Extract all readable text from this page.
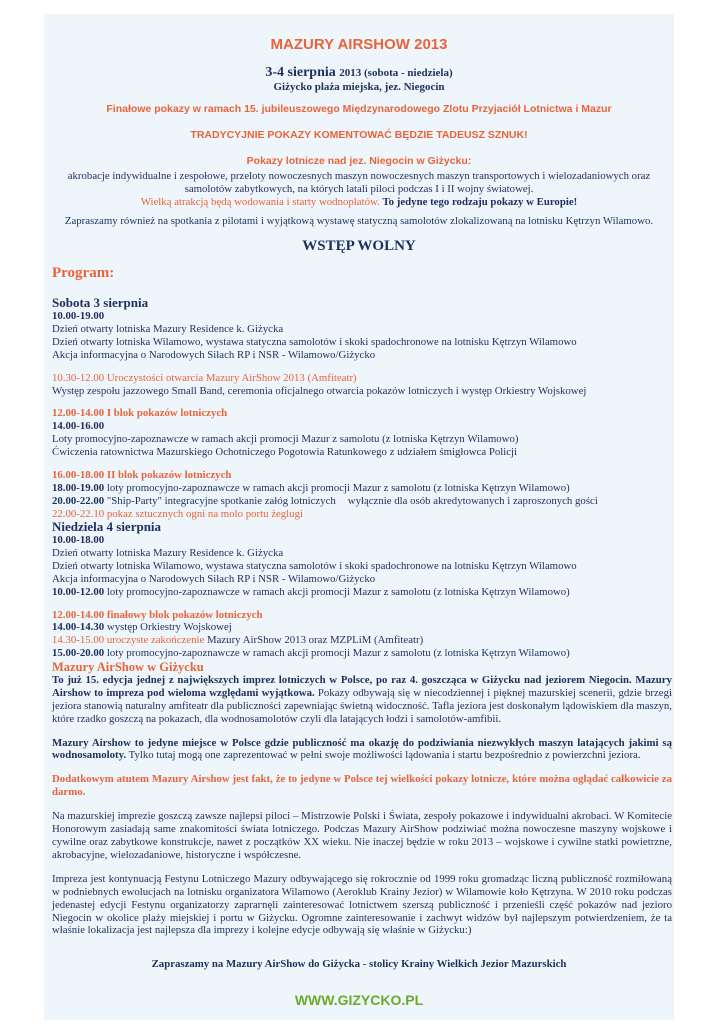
MAZURY AIRSHOW 2013

3-4 sierpnia 2013 (sobota - niedziela)

Giżycko plaża miejska, jez. Niegocin

Finałowe pokazy w ramach 15. jubileuszowego Międzynarodowego Zlotu Przyjaciół Lotnictwa i Mazur

TRADYCYJNIE POKAZY KOMENTOWAĆ BĘDZIE TADEUSZ SZNUK!

Pokazy lotnicze nad jez. Niegocin w Giżycku:

akrobacje indywidualne i zespołowe, przeloty nowoczesnych maszyn nowoczesnych maszyn transportowych i wielozadaniowych oraz

samolotów zabytkowych, na których latali piloci podczas I i II wojny światowej.

Wielką atrakcją będą wodowania i starty wodnopłatów. To jedyne tego rodzaju pokazy w Europie!

Zapraszamy również na spotkania z pilotami i wyjątkową wystawę statyczną samolotów zlokalizowaną na lotnisku Kętrzyn Wilamowo.

WSTĘP WOLNY

Program:

Sobota 3 sierpnia

10.00-19.00

Dzień otwarty lotniska Mazury Residence k. Giżycka

Dzień otwarty lotniska Wilamowo, wystawa statyczna samolotów i skoki spadochronowe na lotnisku Kętrzyn Wilamowo

Akcja informacyjna o Narodowych Siłach RP i NSR - Wilamowo/Giżycko

10.30-12.00 Uroczystości otwarcia Mazury AirShow 2013 (Amfiteatr)

Występ zespołu jazzowego Small Band, ceremonia oficjalnego otwarcia pokazów lotniczych i występ Orkiestry Wojskowej

12.00-14.00 I blok pokazów lotniczych

14.00-16.00

Loty promocyjno-zapoznawcze w ramach akcji promocji Mazur z samolotu (z lotniska Kętrzyn Wilamowo)

Ćwiczenia ratownictwa Mazurskiego Ochotniczego Pogotowia Ratunkowego z udziałem śmigłowca Policji

16.00-18.00 II blok pokazów lotniczych

18.00-19.00 loty promocyjno-zapoznawcze w ramach akcji promocji Mazur z samolotu (z lotniska Kętrzyn Wilamowo)

20.00-22.00 "Ship-Party" integracyjne spotkanie załóg lotniczych wyłącznie dla osób akredytowanych i zaproszonych gości

22.00-22.10 pokaz sztucznych ogni na molo portu żeglugi

Niedziela 4 sierpnia

10.00-18.00

Dzień otwarty lotniska Mazury Residence k. Giżycka

Dzień otwarty lotniska Wilamowo, wystawa statyczna samolotów i skoki spadochronowe na lotnisku Kętrzyn Wilamowo

Akcja informacyjna o Narodowych Siłach RP i NSR - Wilamowo/Giżycko

10.00-12.00 loty promocyjno-zapoznawcze w ramach akcji promocji Mazur z samolotu (z lotniska Kętrzyn Wilamowo)

12.00-14.00 finałowy blok pokazów lotniczych

14.00-14.30 występ Orkiestry Wojskowej

14.30-15.00 uroczyste zakończenie Mazury AirShow 2013 oraz MZPLiM (Amfiteatr)

15.00-20.00 loty promocyjno-zapoznawcze w ramach akcji promocji Mazur z samolotu (z lotniska Kętrzyn Wilamowo)

Mazury AirShow w Giżycku

To już 15. edycja jednej z największych imprez lotniczych w Polsce, po raz 4. goszcząca w Giżycku nad jeziorem Niegocin. Mazury Airshow to impreza pod wieloma względami wyjątkowa. Pokazy odbywają się w niecodziennej i pięknej mazurskiej scenerii, gdzie brzegi jeziora stanowią naturalny amfiteatr dla publiczności zapewniając świetną widoczność. Tafla jeziora jest doskonałym lądowiskiem dla maszyn, które rzadko goszczą na pokazach, dla wodnosamolotów czyli dla latających łodzi i samolotów-amfibii.

Mazury Airshow to jedyne miejsce w Polsce gdzie publiczność ma okazję do podziwiania niezwykłych maszyn latających jakimi są wodnosamoloty. Tylko tutaj mogą one zaprezentować w pełni swoje możliwości lądowania i startu bezpośrednio z powierzchni jeziora.

Dodatkowym atutem Mazury Airshow jest fakt, że to jedyne w Polsce tej wielkości pokazy lotnicze, które można oglądać całkowicie za darmo.

Na mazurskiej imprezie goszczą zawsze najlepsi piloci – Mistrzowie Polski i Świata, zespoły pokazowe i indywidualni akrobaci. W Komitecie Honorowym zasiadają same znakomitości świata lotniczego. Podczas Mazury AirShow podziwiać można nowoczesne maszyny wojskowe i cywilne oraz zabytkowe konstrukcje, nawet z początków XX wieku. Nie inaczej będzie w roku 2013 – wojskowe i cywilne statki powietrzne, akrobacyjne, wielozadaniowe, historyczne i współczesne.

Impreza jest kontynuacją Festynu Lotniczego Mazury odbywającego się rokrocznie od 1999 roku gromadząc liczną publiczność rozmiłowaną w podniebnych ewolucjach na lotnisku organizatora Wilamowo (Aeroklub Krainy Jezior) w Wilamowie koło Kętrzyna. W 2010 roku podczas jedenastej edycji Festynu organizatorzy zaprагnęli zainteresować lotnictwem szerszą publiczność i przenieśli część pokazów nad jezioro Niegocin w okolice plaży miejskiej i portu w Giżycku. Ogromne zainteresowanie i zachwyt widzów był najlepszym potwierdzeniem, że ta właśnie lokalizacja jest najlepsza dla imprezy i kolejne edycje odbywają się właśnie w Giżycku:)

Zapraszamy na Mazury AirShow do Giżycka - stolicy Krainy Wielkich Jezior Mazurskich

WWW.GIZYCKO.PL
